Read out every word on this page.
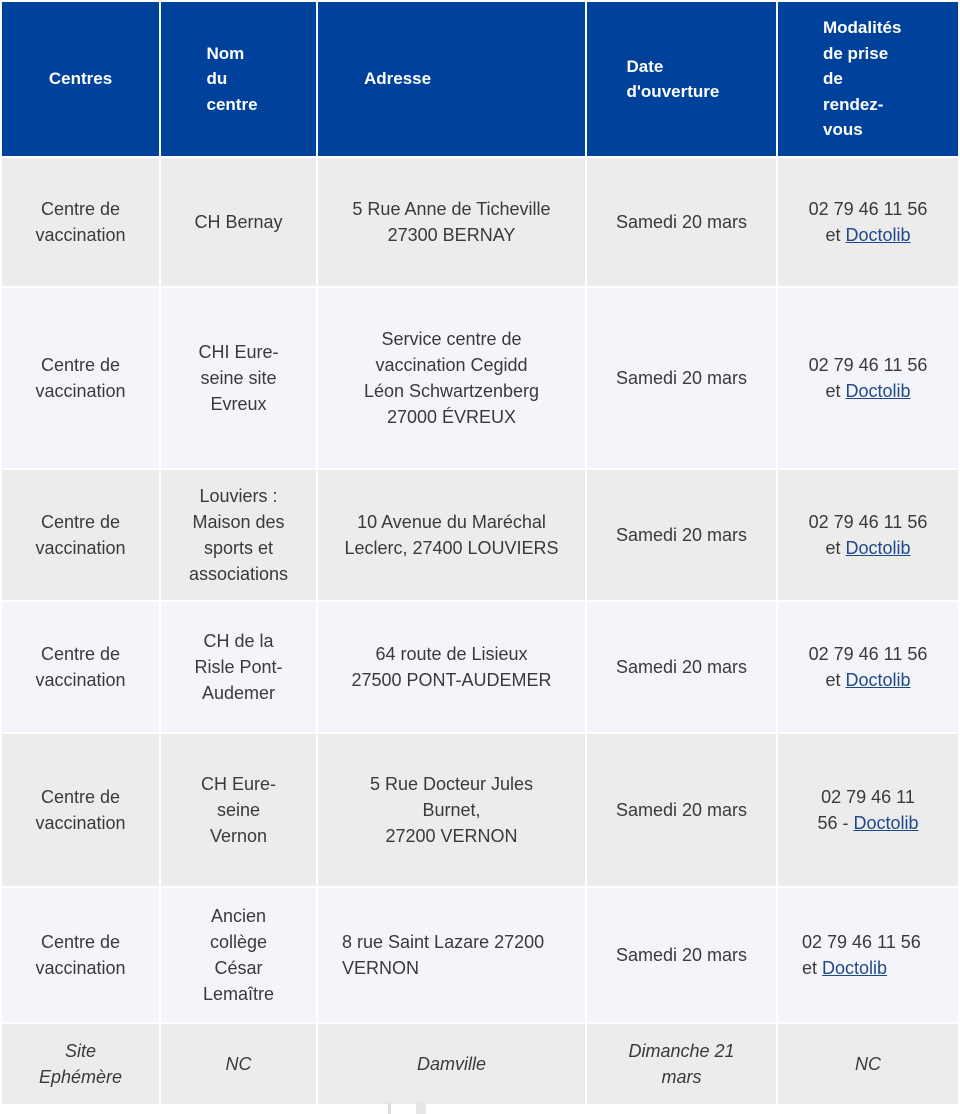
Centres	Nom
du
centre	Adresse	Date
d'ouverture	Modalités
de prise
de
rendez-
vous

Centre de
vaccination	CH Bernay	5 Rue Anne de Ticheville
27300 BERNAY	Samedi 20 mars	02 79 46 11 56
et Doctolib

Centre de
vaccination	CHI Eure-
seine site
Evreux	Service centre de
vaccination Cegidd
Léon Schwartzenberg
27000 ÉVREUX	Samedi 20 mars	02 79 46 11 56
et Doctolib

Centre de
vaccination	Louviers :
Maison des
sports et
associations	10 Avenue du Maréchal
Leclerc, 27400 LOUVIERS	Samedi 20 mars	02 79 46 11 56
et Doctolib

Centre de
vaccination	CH de la
Risle Pont-
Audemer	64 route de Lisieux
27500 PONT-AUDEMER	Samedi 20 mars	02 79 46 11 56
et Doctolib

Centre de
vaccination	CH Eure-
seine
Vernon	5 Rue Docteur Jules
Burnet,
27200 VERNON	Samedi 20 mars	02 79 46 11
56 - Doctolib

Centre de
vaccination	Ancien
collège
César
Lemaître	8 rue Saint Lazare 27200
VERNON	Samedi 20 mars	02 79 46 11 56
et Doctolib

Site
Ephémère	NC	Damville	Dimanche 21
mars	NC
